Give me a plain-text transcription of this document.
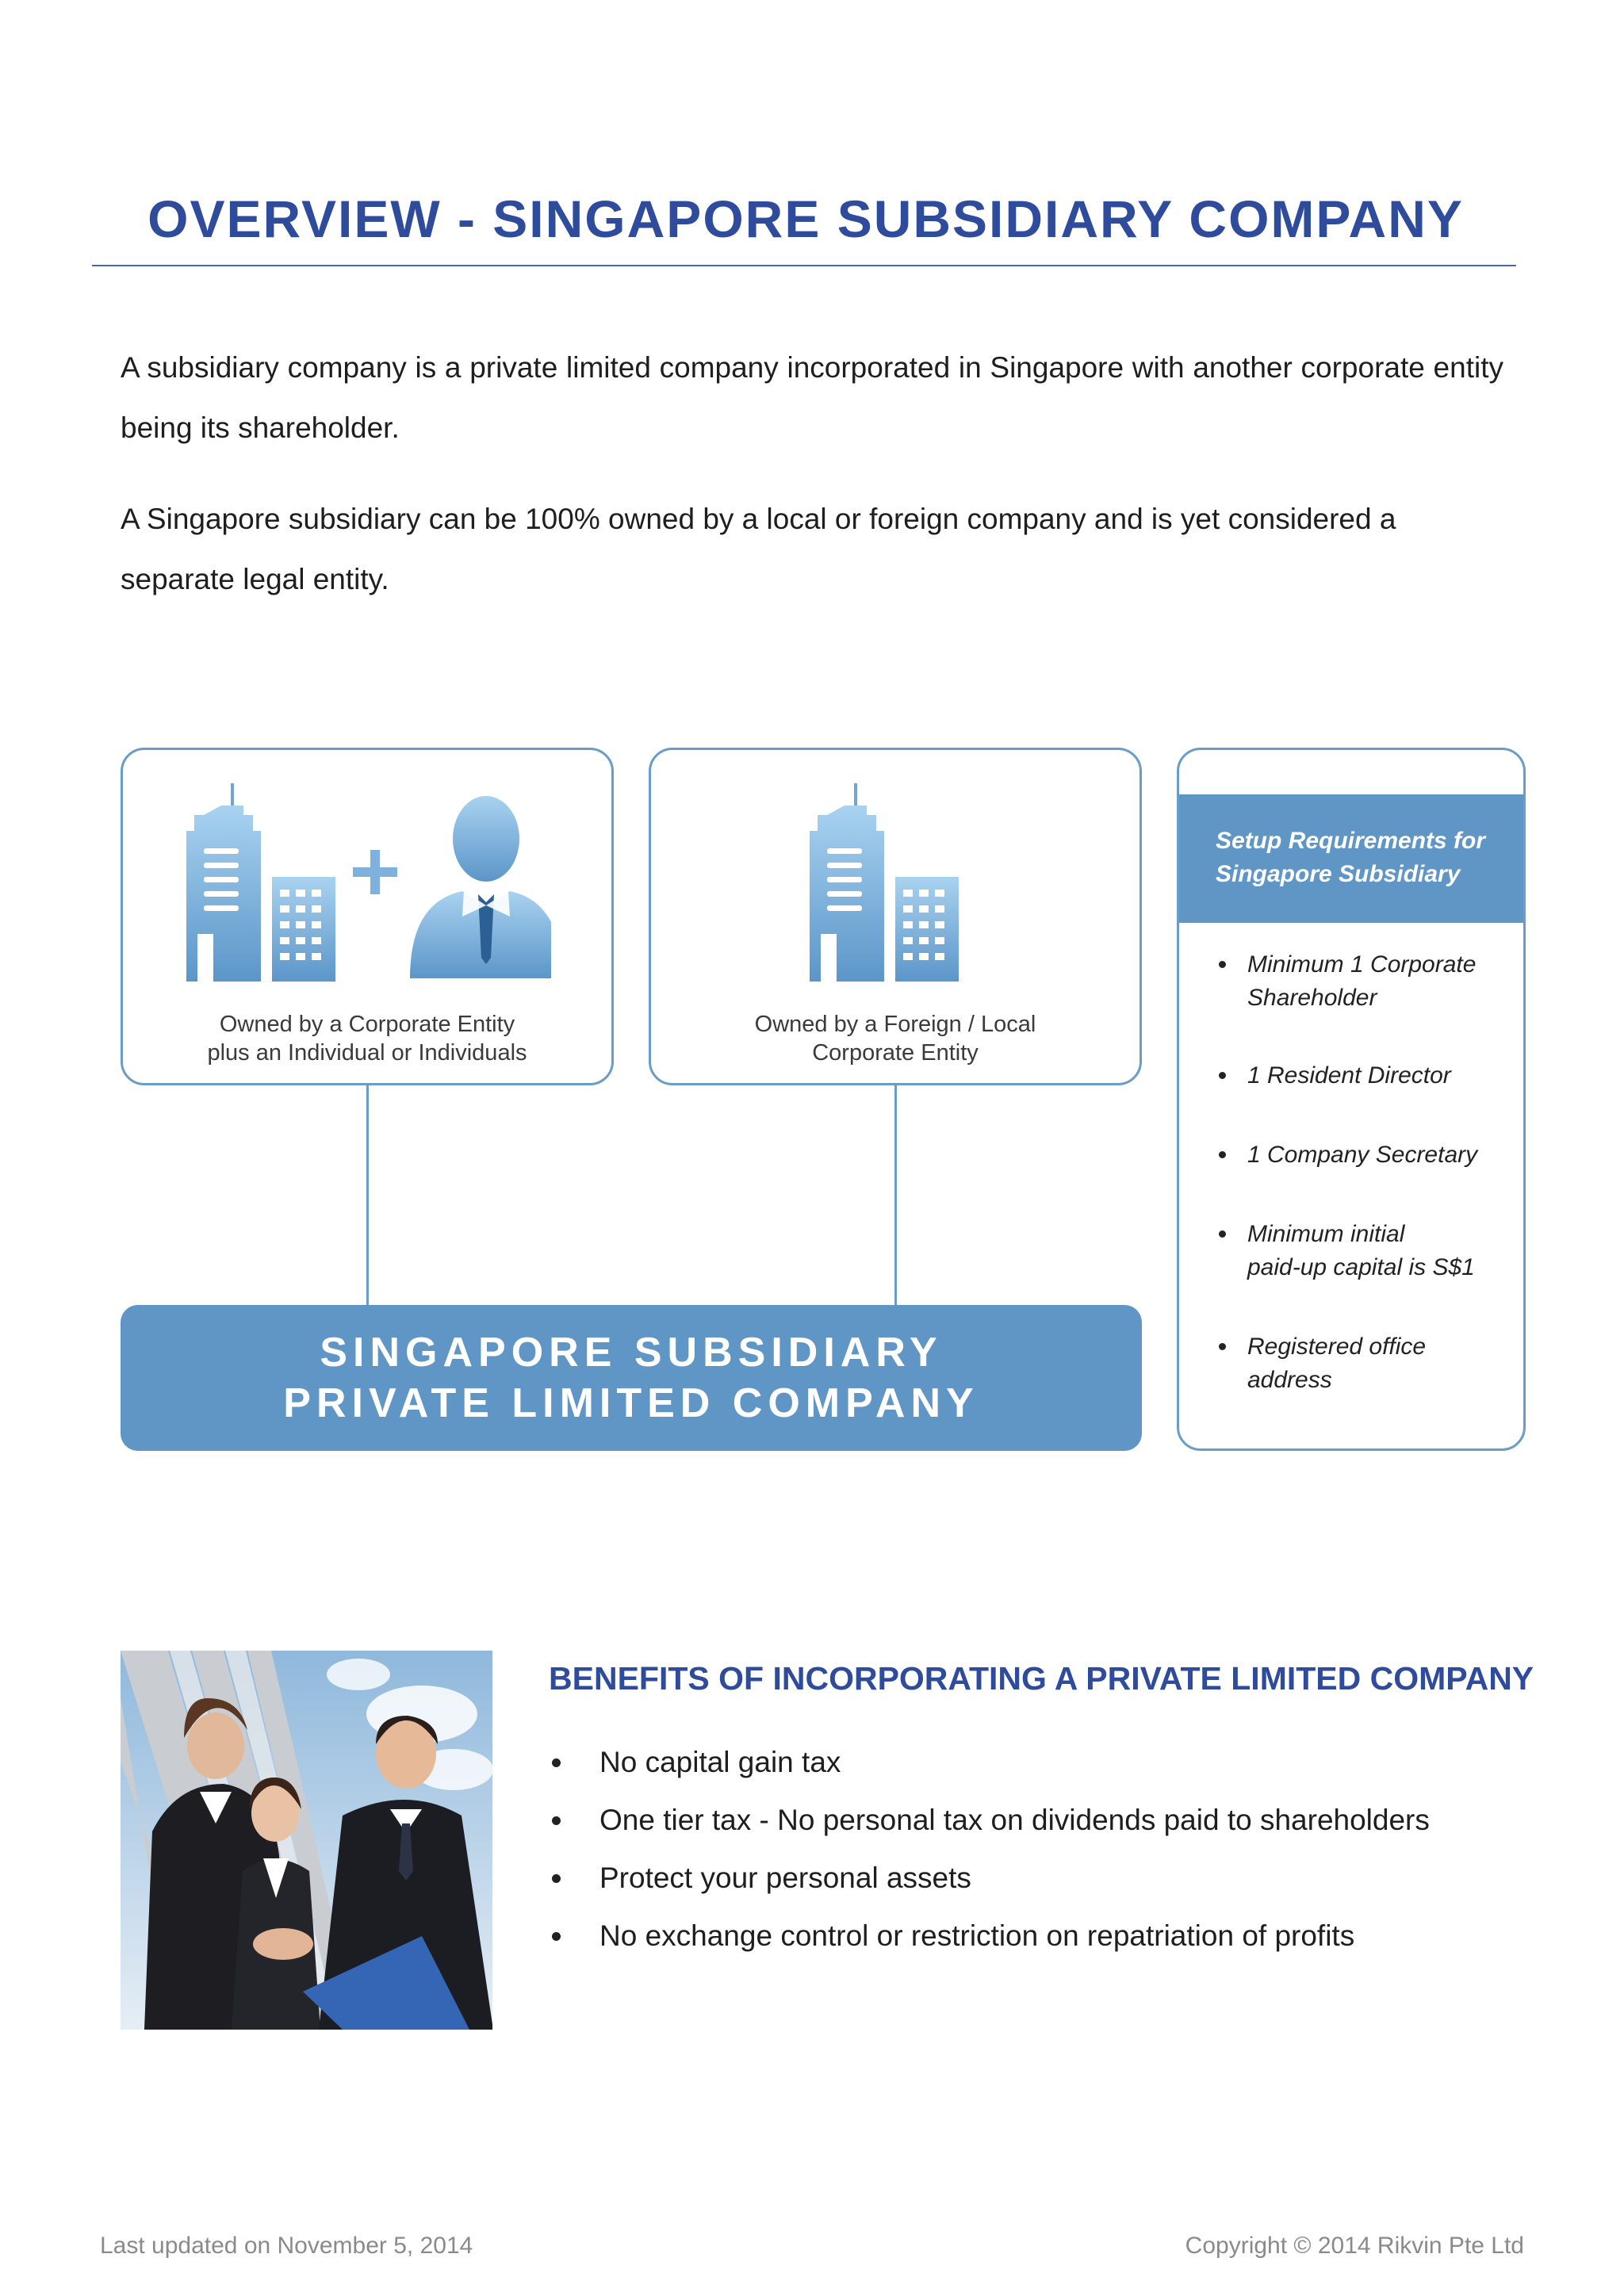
OVERVIEW - SINGAPORE SUBSIDIARY COMPANY

A subsidiary company is a private limited company incorporated in Singapore with another corporate entity being its shareholder.

A Singapore subsidiary can be 100% owned by a local or foreign company and is yet considered a separate legal entity.

Owned by a Corporate Entity
plus an Individual or Individuals
Owned by a Foreign / Local
Corporate Entity
SINGAPORE SUBSIDIARY
PRIVATE LIMITED COMPANY
Setup Requirements for
Singapore Subsidiary
Minimum 1 Corporate
Shareholder
1 Resident Director
1 Company Secretary
Minimum initial
paid-up capital is S$1
Registered office
address
BENEFITS OF INCORPORATING A PRIVATE LIMITED COMPANY
No capital gain tax
One tier tax - No personal tax on dividends paid to shareholders
Protect your personal assets
No exchange control or restriction on repatriation of profits
Last updated on November 5, 2014	Copyright © 2014 Rikvin Pte Ltd
